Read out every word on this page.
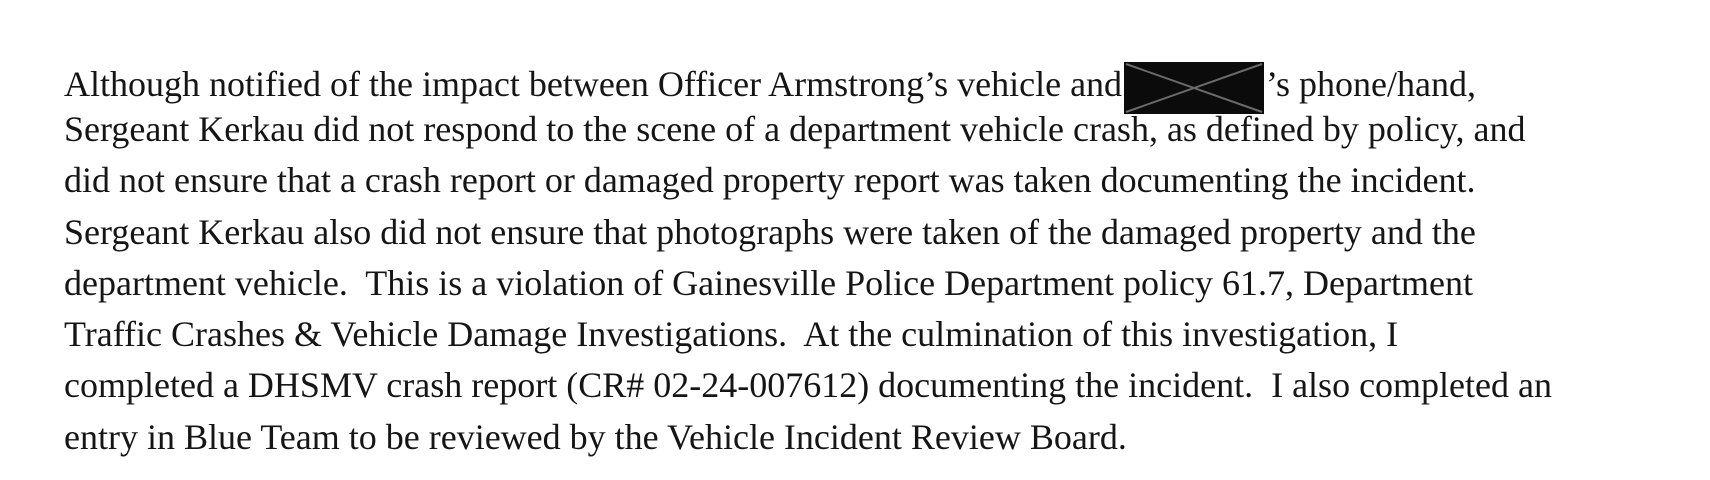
Although notified of the impact between Officer Armstrong’s vehicle and

	’s phone/hand,
Sergeant Kerkau did not respond to the scene of a department vehicle crash, as defined by policy, and
did not ensure that a crash report or damaged property report was taken documenting the incident.
Sergeant Kerkau also did not ensure that photographs were taken of the damaged property and the
department vehicle.  This is a violation of Gainesville Police Department policy 61.7, Department
Traffic Crashes & Vehicle Damage Investigations.  At the culmination of this investigation, I
completed a DHSMV crash report (CR# 02-24-007612) documenting the incident.  I also completed an
entry in Blue Team to be reviewed by the Vehicle Incident Review Board.
